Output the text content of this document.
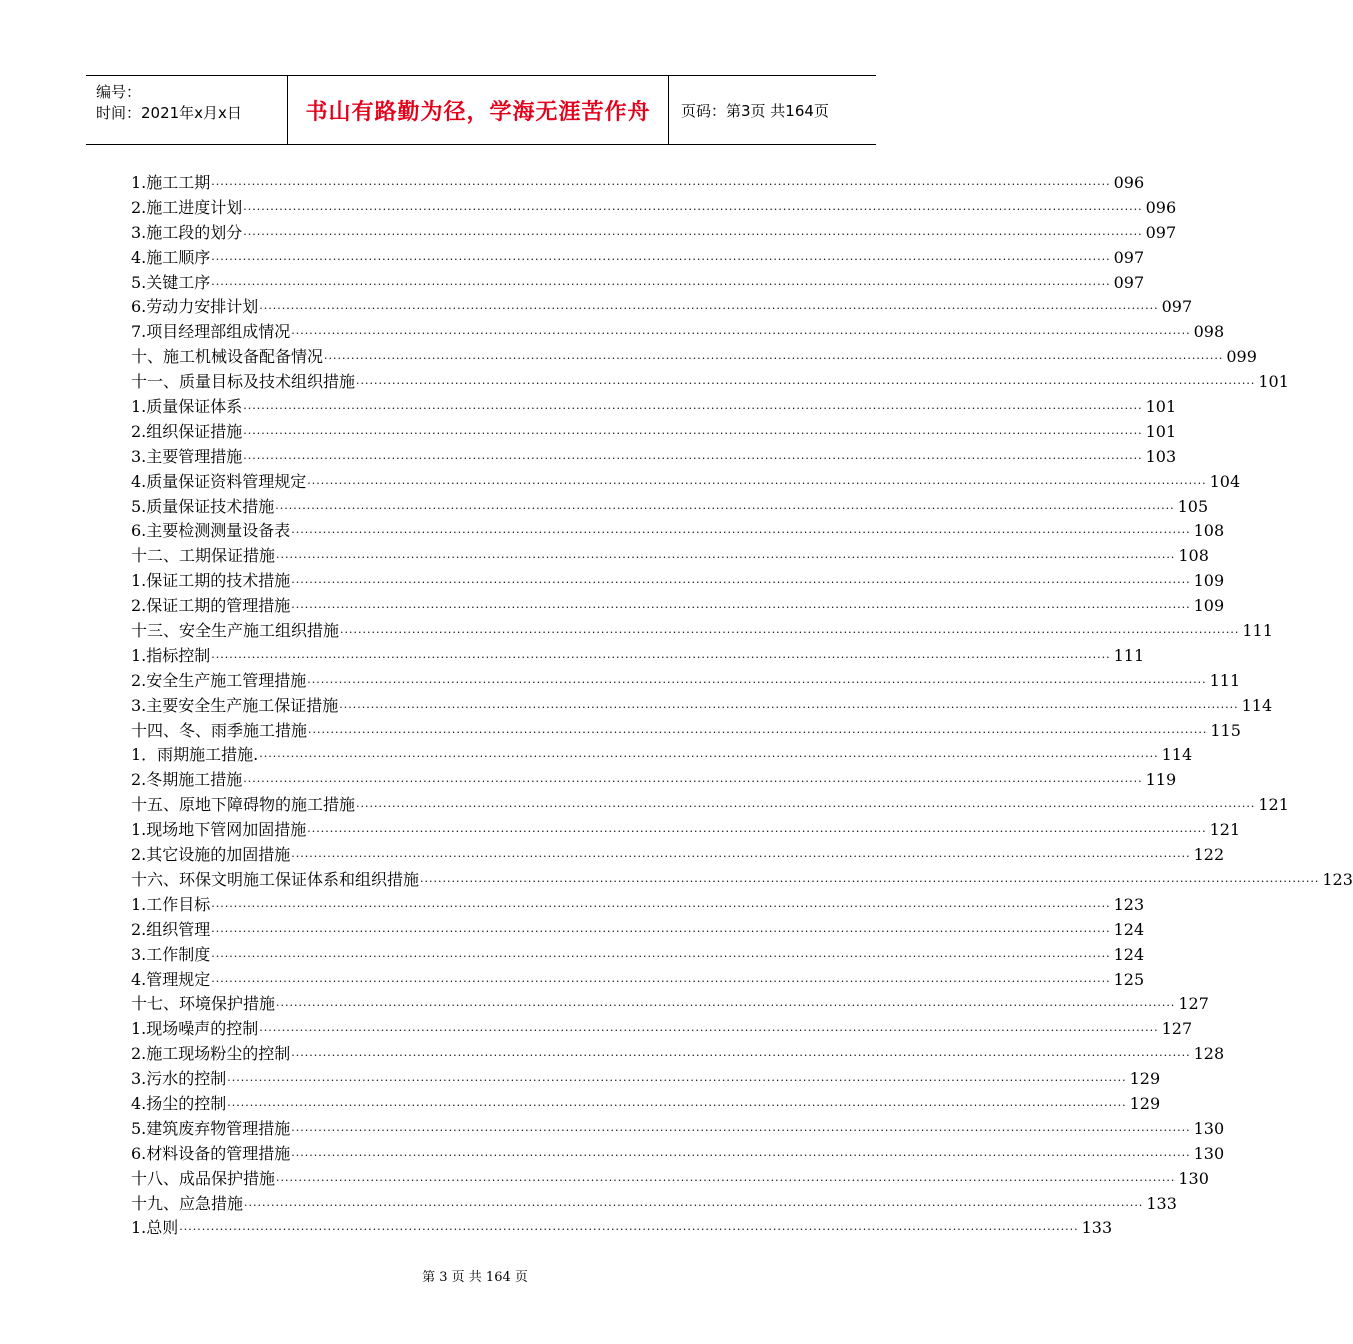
编号：
时间：2021年x月x日	书山有路勤为径，学海无涯苦作舟	页码：第3页 共164页
1.施工工期 ········································································································································································································ 096
2.施工进度计划 ········································································································································································································ 096
3.施工段的划分 ········································································································································································································ 097
4.施工顺序 ········································································································································································································ 097
5.关键工序 ········································································································································································································ 097
6.劳动力安排计划 ········································································································································································································ 097
7.项目经理部组成情况 ········································································································································································································ 098
十、施工机械设备配备情况 ········································································································································································································ 099
十一、质量目标及技术组织措施 ········································································································································································································ 101
1.质量保证体系 ········································································································································································································ 101
2.组织保证措施 ········································································································································································································ 101
3.主要管理措施 ········································································································································································································ 103
4.质量保证资料管理规定 ········································································································································································································ 104
5.质量保证技术措施 ········································································································································································································ 105
6.主要检测测量设备表 ········································································································································································································ 108
十二、工期保证措施 ········································································································································································································ 108
1.保证工期的技术措施 ········································································································································································································ 109
2.保证工期的管理措施 ········································································································································································································ 109
十三、安全生产施工组织措施 ········································································································································································································ 111
1.指标控制 ········································································································································································································ 111
2.安全生产施工管理措施 ········································································································································································································ 111
3.主要安全生产施工保证措施 ········································································································································································································ 114
十四、冬、雨季施工措施 ········································································································································································································ 115
1．雨期施工措施. ········································································································································································································ 114
2.冬期施工措施 ········································································································································································································ 119
十五、原地下障碍物的施工措施 ········································································································································································································ 121
1.现场地下管网加固措施 ········································································································································································································ 121
2.其它设施的加固措施 ········································································································································································································ 122
十六、环保文明施工保证体系和组织措施 ········································································································································································································ 123
1.工作目标 ········································································································································································································ 123
2.组织管理 ········································································································································································································ 124
3.工作制度 ········································································································································································································ 124
4.管理规定 ········································································································································································································ 125
十七、环境保护措施 ········································································································································································································ 127
1.现场噪声的控制 ········································································································································································································ 127
2.施工现场粉尘的控制 ········································································································································································································ 128
3.污水的控制 ········································································································································································································ 129
4.扬尘的控制 ········································································································································································································ 129
5.建筑废弃物管理措施 ········································································································································································································ 130
6.材料设备的管理措施 ········································································································································································································ 130
十八、成品保护措施 ········································································································································································································ 130
十九、应急措施 ········································································································································································································ 133
1.总则 ········································································································································································································ 133
第 3 页 共 164 页
